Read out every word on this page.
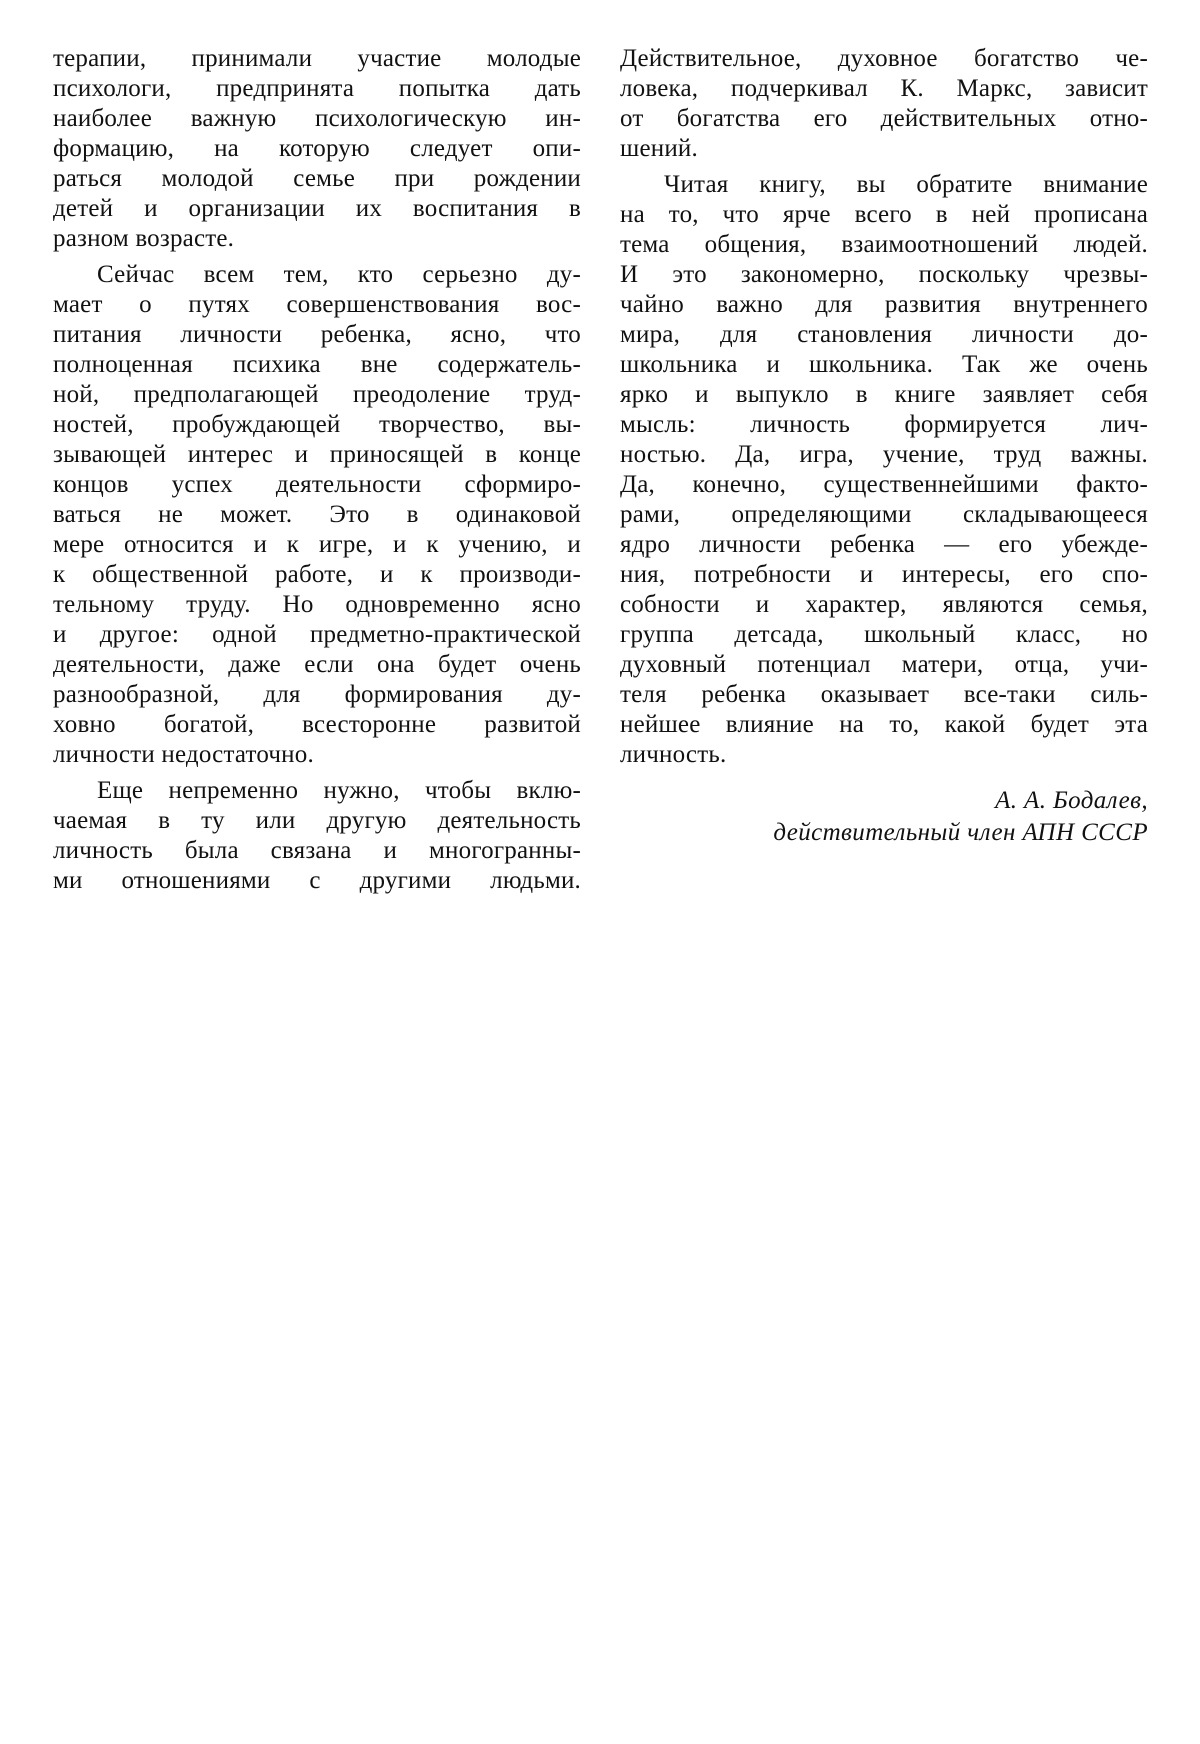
терапии, принимали участие молодые
психологи, предпринята попытка дать
наиболее важную психологическую ин-
формацию, на которую следует опи-
раться молодой семье при рождении
детей и организации их воспитания в
разном возрасте.
Сейчас всем тем, кто серьезно ду-
мает о путях совершенствования вос-
питания личности ребенка, ясно, что
полноценная психика вне содержатель-
ной, предполагающей преодоление труд-
ностей, пробуждающей творчество, вы-
зывающей интерес и приносящей в конце
концов успех деятельности сформиро-
ваться не может. Это в одинаковой
мере относится и к игре, и к учению, и
к общественной работе, и к производи-
тельному труду. Но одновременно ясно
и другое: одной предметно-практической
деятельности, даже если она будет очень
разнообразной, для формирования ду-
ховно богатой, всесторонне развитой
личности недостаточно.
Еще непременно нужно, чтобы вклю-
чаемая в ту или другую деятельность
личность была связана и многогранны-
ми отношениями с другими людьми.
Действительное, духовное богатство че-
ловека, подчеркивал К. Маркс, зависит
от богатства его действительных отно-
шений.
Читая книгу, вы обратите внимание
на то, что ярче всего в ней прописана
тема общения, взаимоотношений людей.
И это закономерно, поскольку чрезвы-
чайно важно для развития внутреннего
мира, для становления личности до-
школьника и школьника. Так же очень
ярко и выпукло в книге заявляет себя
мысль: личность формируется лич-
ностью. Да, игра, учение, труд важны.
Да, конечно, существеннейшими факто-
рами, определяющими складывающееся
ядро личности ребенка — его убежде-
ния, потребности и интересы, его спо-
собности и характер, являются семья,
группа детсада, школьный класс, но
духовный потенциал матери, отца, учи-
теля ребенка оказывает все-таки силь-
нейшее влияние на то, какой будет эта
личность.
А. А. Бодалев,
действительный член АПН СССР
